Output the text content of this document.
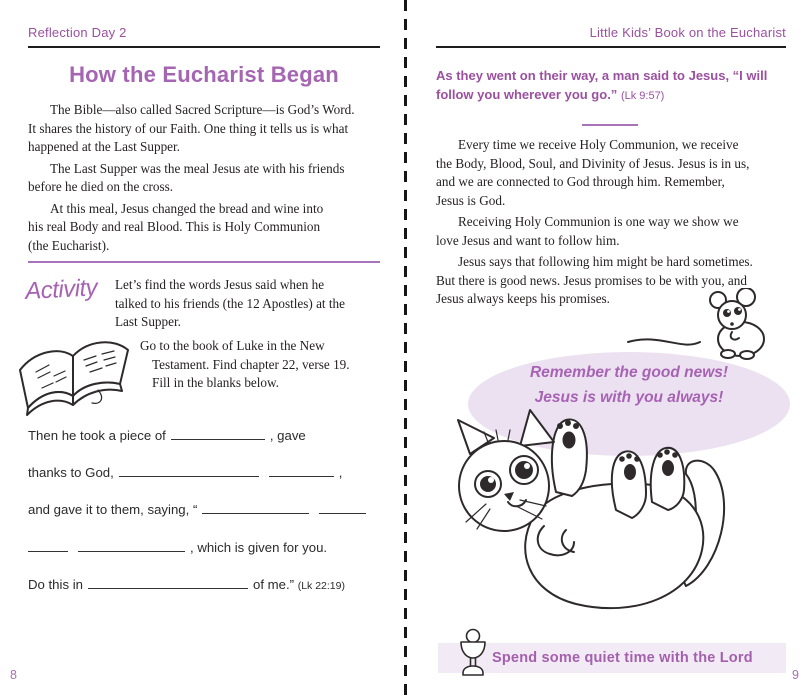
Reflection Day 2
How the Eucharist Began
The Bible—also called Sacred Scripture—is God’s Word.
It shares the history of our Faith. One thing it tells us is what
happened at the Last Supper.
The Last Supper was the meal Jesus ate with his friends
before he died on the cross.
At this meal, Jesus changed the bread and wine into
his real Body and real Blood. This is Holy Communion
(the Eucharist).
Activity Let’s find the words Jesus said when he
talked to his friends (the 12 Apostles) at the
Last Supper.
Go to the book of Luke in the New
Testament. Find chapter 22, verse 19.
Fill in the blanks below.
Then he took a piece of	, gave
thanks to God,	,
and gave it to them, saying, “
, which is given for you.
Do this in	of me.” (Lk 22:19)
8
Little Kids’ Book on the Eucharist
As they went on their way, a man said to Jesus, “I will
follow you wherever you go.” (Lk 9:57)
Every time we receive Holy Communion, we receive
the Body, Blood, Soul, and Divinity of Jesus. Jesus is in us,
and we are connected to God through him. Remember,
Jesus is God.
Receiving Holy Communion is one way we show we
love Jesus and want to follow him.
Jesus says that following him might be hard sometimes.
But there is good news. Jesus promises to be with you, and
Jesus always keeps his promises.
Remember the good news!
Jesus is with you always!
Spend some quiet time with the Lord
9
